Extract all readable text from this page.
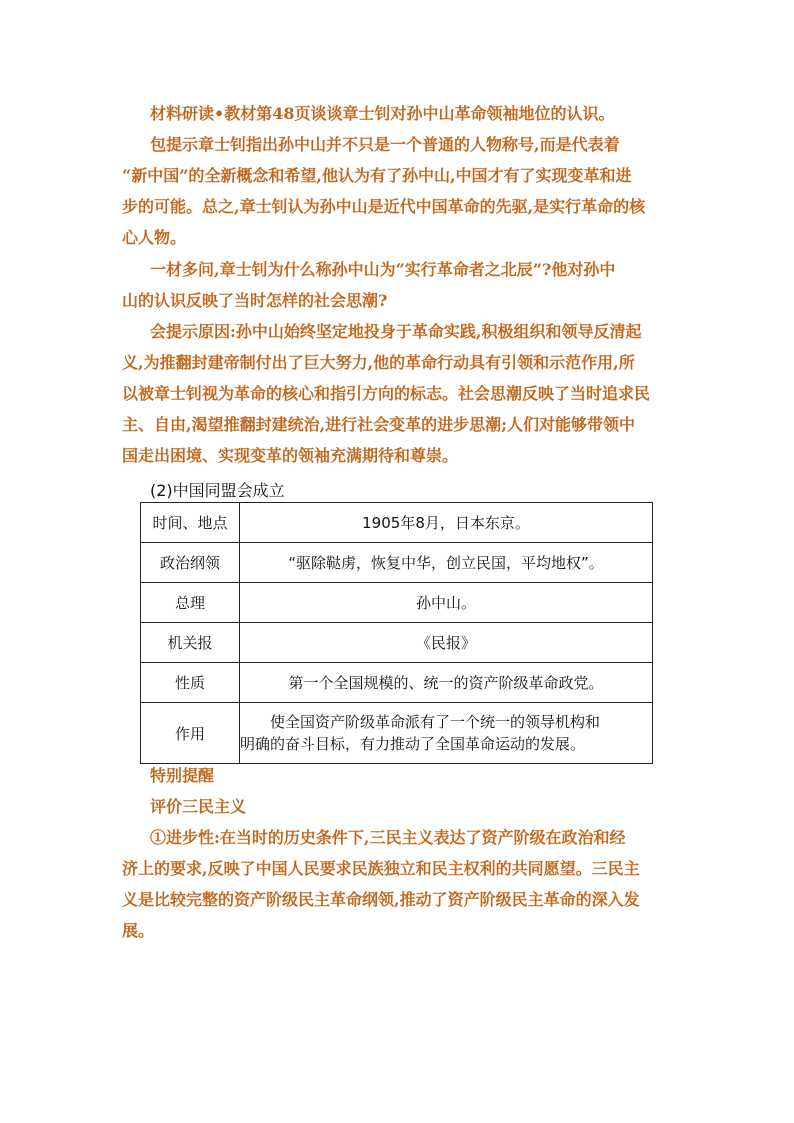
材料研读•教材第48页谈谈章士钊对孙中山革命领袖地位的认识。
包提示章士钊指出孙中山并不只是一个普通的人物称号,而是代表着
“新中国”的全新概念和希望,他认为有了孙中山,中国才有了实现变革和进
步的可能。总之,章士钊认为孙中山是近代中国革命的先驱,是实行革命的核
心人物。
一材多问,章士钊为什么称孙中山为“实行革命者之北辰”?他对孙中
山的认识反映了当时怎样的社会思潮?
会提示原因:孙中山始终坚定地投身于革命实践,积极组织和领导反清起
义,为推翻封建帝制付出了巨大努力,他的革命行动具有引领和示范作用,所
以被章士钊视为革命的核心和指引方向的标志。社会思潮反映了当时追求民
主、自由,渴望推翻封建统治,进行社会变革的进步思潮;人们对能够带领中
国走出困境、实现变革的领袖充满期待和尊崇。
(2)中国同盟会成立
时间、地点	1905年8月，日本东京。
政治纲领	“驱除鞑虏，恢复中华，创立民国，平均地权”。
总理	孙中山。
机关报	《民报》
性质	第一个全国规模的、统一的资产阶级革命政党。
作用	使全国资产阶级革命派有了一个统一的领导机构和
明确的奋斗目标，有力推动了全国革命运动的发展。
特别提醒
评价三民主义
①进步性:在当时的历史条件下,三民主义表达了资产阶级在政治和经
济上的要求,反映了中国人民要求民族独立和民主权利的共同愿望。三民主
义是比较完整的资产阶级民主革命纲领,推动了资产阶级民主革命的深入发
展。
